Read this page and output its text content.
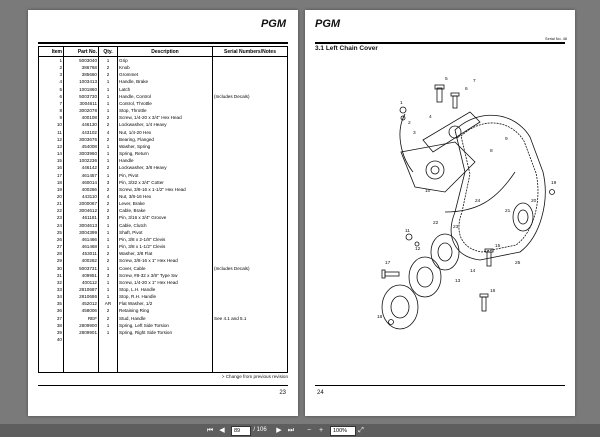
PGM
Item	Part No.	Qty.	Description	Serial Numbers/Notes
1	5003040	1	Grip	
2	386768	2	Knob	
3	385660	2	Grommet	
4	1003413	1	Handle, Brake	
5	1001860	1	Latch	
6	5003730	1	Handle, Control	(Includes Decals)
7	3004611	1	Control, Throttle	
8	3002078	1	Stop, Throttle	
9	400108	2	Screw, 1/4-20 x 3/4" Hex Head	
10	446130	2	Lockwasher, 1/4 Heavy	
11	443102	4	Nut, 1/4-20 Hex	
12	3003676	2	Bearing, Flanged	
13	454008	1	Washer, Spring	
14	3003960	1	Spring, Return	
15	1002236	1	Handle	
16	446142	2	Lockwasher, 3/8 Heavy	
17	461457	1	Pin, Pivot	
18	460014	3	Pin, 3/32 x 3/4" Cotter	
19	400266	2	Screw, 3/8-16 x 1-1/2" Hex Head	
20	443110	4	Nut, 3/8-16 Hex	
21	2000067	2	Lever, Brake	
22	3004612	2	Cable, Brake	
23	461181	3	Pin, 3/16 x 3/4" Groove	
24	3004613	1	Cable, Clutch	
25	3004399	1	Shaft, Pivot	
26	461466	1	Pin, 3/8 x 2-1/8" Clevis	
27	461468	1	Pin, 3/8 x 1-1/2" Clevis	
28	453011	2	Washer, 3/8 Flat	
29	400262	2	Screw, 3/8-16 x 1" Hex Head	
30	5003731	1	Cover, Cable	(Includes Decals)
31	409951	3	Screw, #8-32 x 3/8" Type Sw	
32	400112	1	Screw, 1/4-20 x 1" Hex Head	
33	2810687	1	Stop, L.H. Handle	
34	2810686	1	Stop, R.H. Handle	
35	452012	AR	Flat Washer, 1/2	
36	458006	2	Retaining Ring	
37	REF	2	Stud, Handle	See 4.1 and 5.1
38	2809900	1	Spring, Left Side Torsion	
39	2809901	1	Spring, Right Side Torsion	
40				

> Change from previous revision
23
PGM
Serial No. 48
3.1 Left Chain Cover
1
2
3
4
5
6
7
8
9
10
11
12
13
14
15
16
17
18
19
20
21
22
23
24
25
24
⏮ ◀	89	/ 106	▶ ⏭	−	+	100%	⤢
